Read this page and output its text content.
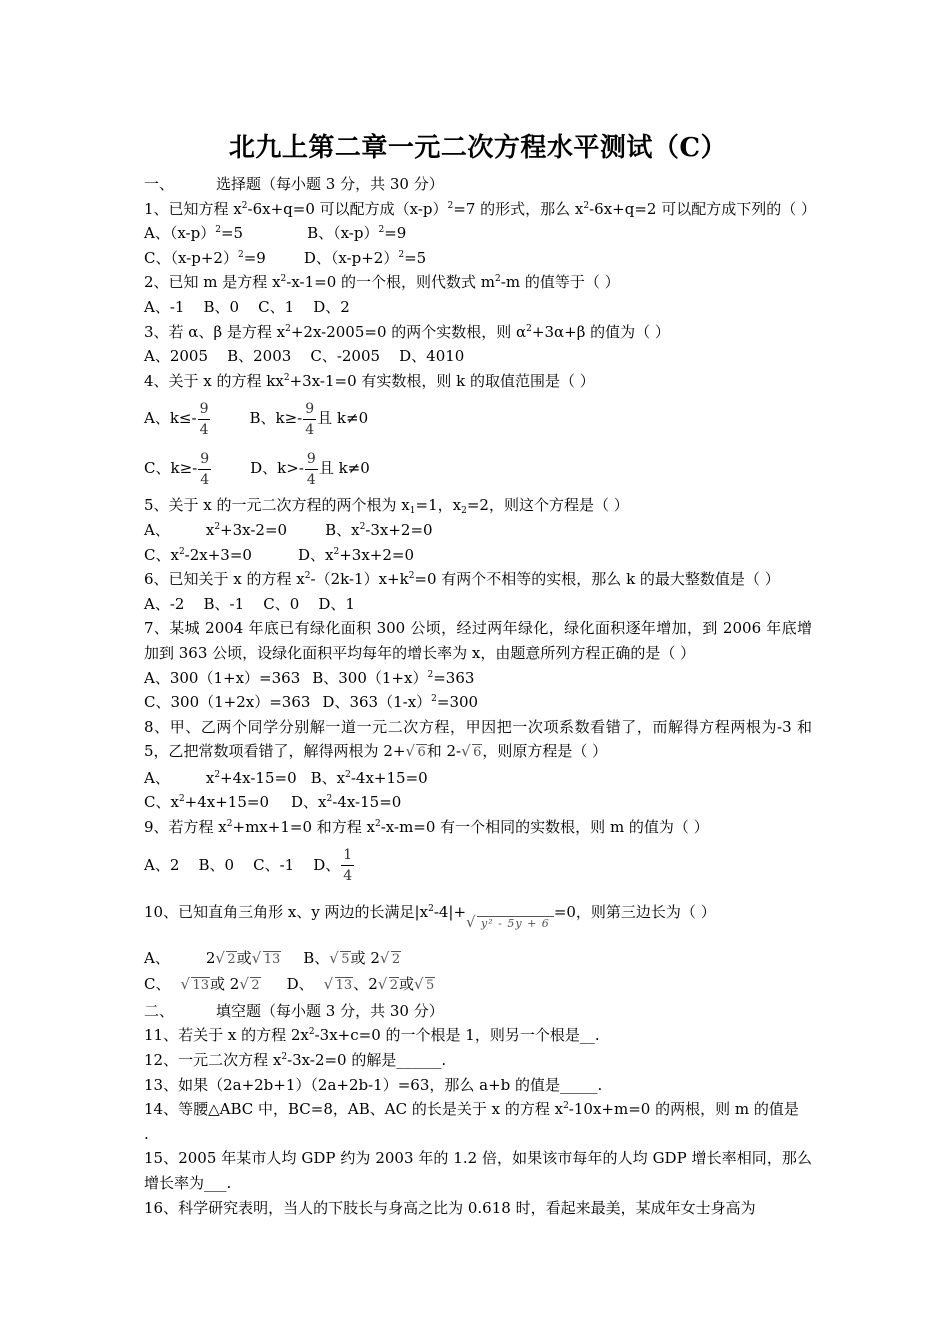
北九上第二章一元二次方程水平测试（C）
一、	选择题（每小题 3 分，共 30 分）
1、已知方程 $x^2-6x+q=0$ 可以配方成$(x-p)^2=7$ 的形式，那么 $x^2-6x+q=2$ 可以配方成下列的（ ）
A、$(x-p)^2=5$	B、$(x-p)^2=9$
C、$(x-p+2)^2=9$	D、$(x-p+2)^2=5$
2、已知 m 是方程 $x^2-x-1=0$ 的一个根，则代数式 $m^2-m$ 的值等于（ ）
A、-1    B、0    C、1    D、2
3、若 α、β 是方程 $x^2+2x-2005=0$ 的两个实数根，则 $\alpha^2+3\alpha+\beta$ 的值为（ ）
A、2005    B、2003    C、-2005    D、4010
4、关于 x 的方程 $kx^2+3x-1=0$ 有实数根，则 k 的取值范围是（ ）
A、$k\le- \frac{9}{4}$	B、$k\ge- \frac{9}{4}$ 且 k≠0
C、$k\ge- \frac{9}{4}$	D、$k>- \frac{9}{4}$ 且 k≠0
5、关于 x 的一元二次方程的两个根为 $x_1=1$，$x_2=2$，则这个方程是（ ）
A、 $x^2+3x-2=0$	B、$x^2-3x+2=0$
C、$x^2-2x+3=0$	D、$x^2+3x+2=0$
6、已知关于 x 的方程 $x^2-(2k-1)x+k^2=0$ 有两个不相等的实根，那么 k 的最大整数值是（ ）
A、-2    B、-1    C、0    D、1
7、某城 2004 年底已有绿化面积 300 公顷，经过两年绿化，绿化面积逐年增加，到 2006 年底增加到 363 公顷，设绿化面积平均每年的增长率为 x，由题意所列方程正确的是（ ）
A、300（1+x）=363 B、$300(1+x)^2=363$
C、300（1+2x）=363 D、$363(1-x)^2=300$
8、甲、乙两个同学分别解一道一元二次方程，甲因把一次项系数看错了，而解得方程两根为-3 和 5，乙把常数项看错了，解得两根为 2+ √ 6和 2- √ 6，则原方程是（ ）
A、 $x^2+4x-15=0$ B、$x^2-4x+15=0$
C、$x^2+4x+15=0$ D、$x^2-4x-15=0$
9、若方程 $x^2+mx+1=0$ 和方程 $x^2-x-m=0$ 有一个相同的实数根，则 m 的值为（ ）
A、2    B、0    C、-1    D、 $\frac{1}{4}$
10、已知直角三角形 x、y 两边的长满足$|x^2-4|+$
√ y² - 5y + 6=0，则第三边长为（ ）
A、 2 √ 2或 √ 13 B、 √ 5或 2 √ 2
C、 √ 13或 2 √ 2 D、 √ 13、2 √ 2或 √ 5
二、	填空题（每小题 3 分，共 30 分）
11、若关于 x 的方程 $2x^2-3x+c=0$ 的一个根是 1，则另一个根是__.
12、一元二次方程 $x^2-3x-2=0$ 的解是______.
13、如果（2a+2b+1）（2a+2b-1）=63，那么 a+b 的值是_____.
14、等腰△ABC 中，BC=8，AB、AC 的长是关于 x 的方程 $x^2-10x+m=0$ 的两根，则 m 的值是
.
15、2005 年某市人均 GDP 约为 2003 年的 1.2 倍，如果该市每年的人均 GDP 增长率相同，那么增长率为___.
16、科学研究表明，当人的下肢长与身高之比为 0.618 时，看起来最美，某成年女士身高为
